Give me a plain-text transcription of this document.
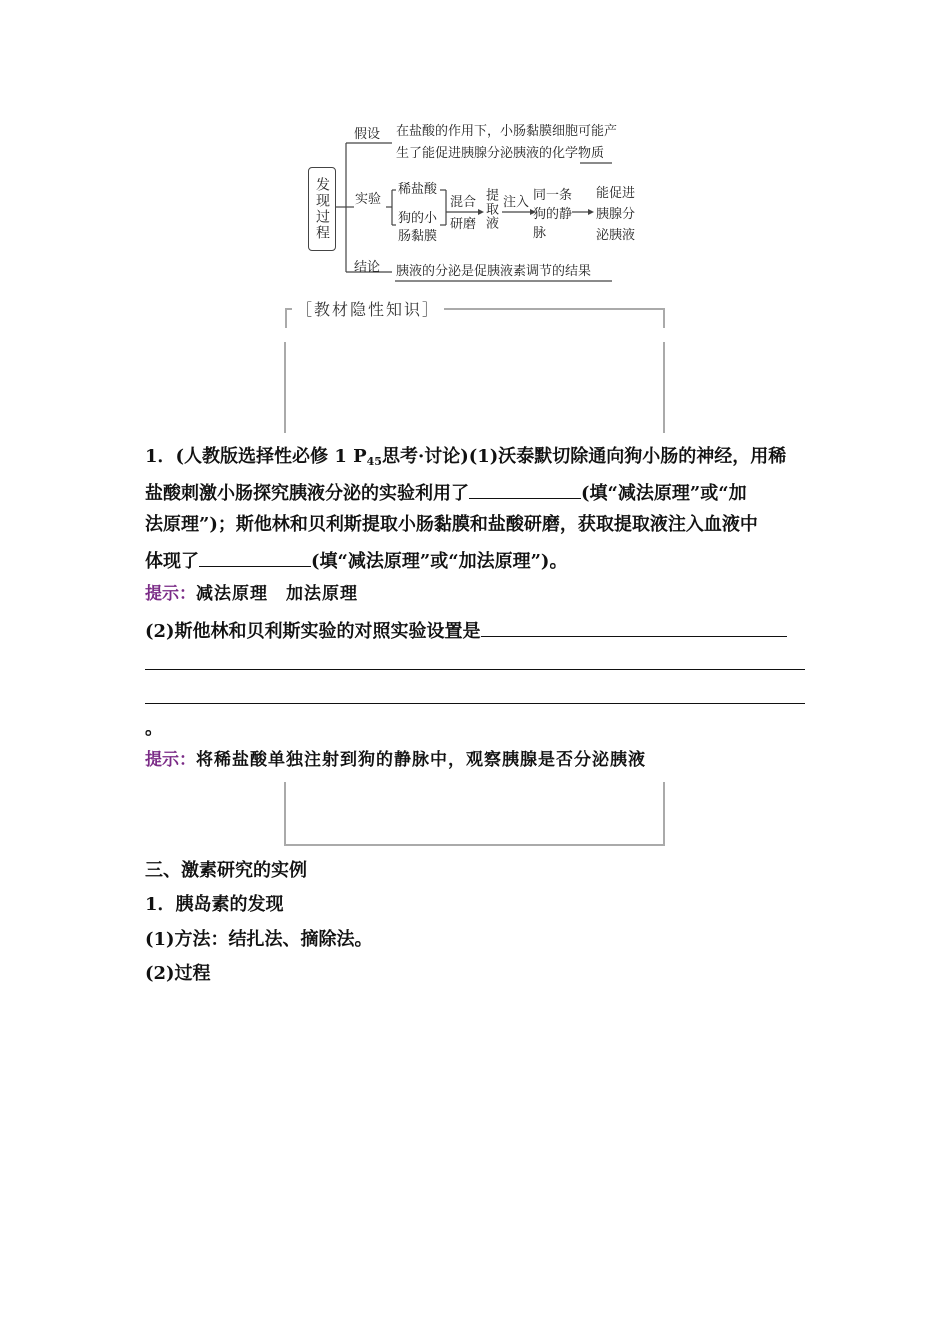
发现过程
假设 在盐酸的作用下，小肠黏膜细胞可能产
生了能促进胰腺分泌胰液的化学物质
实验
稀盐酸
狗的小
肠黏膜
混合
研磨 提取液 注入 同一条狗的静脉
能促进胰腺分泌胰液
结论 胰液的分泌是促胰液素调节的结果
［教材隐性知识］
1．(人教版选择性必修 1 $P_{45}$思考·讨论)(1)沃泰默切除通向狗小肠的神经，用稀
盐酸刺激小肠探究胰液分泌的实验利用了	(填“减法原理”或“加
法原理”)；斯他林和贝利斯提取小肠黏膜和盐酸研磨，获取提取液注入血液中
体现了	(填“减法原理”或“加法原理”)。
提示：减法原理　加法原理
(2)斯他林和贝利斯实验的对照实验设置是
。
提示：将稀盐酸单独注射到狗的静脉中，观察胰腺是否分泌胰液
三、激素研究的实例
1．胰岛素的发现
(1)方法：结扎法、摘除法。
(2)过程
